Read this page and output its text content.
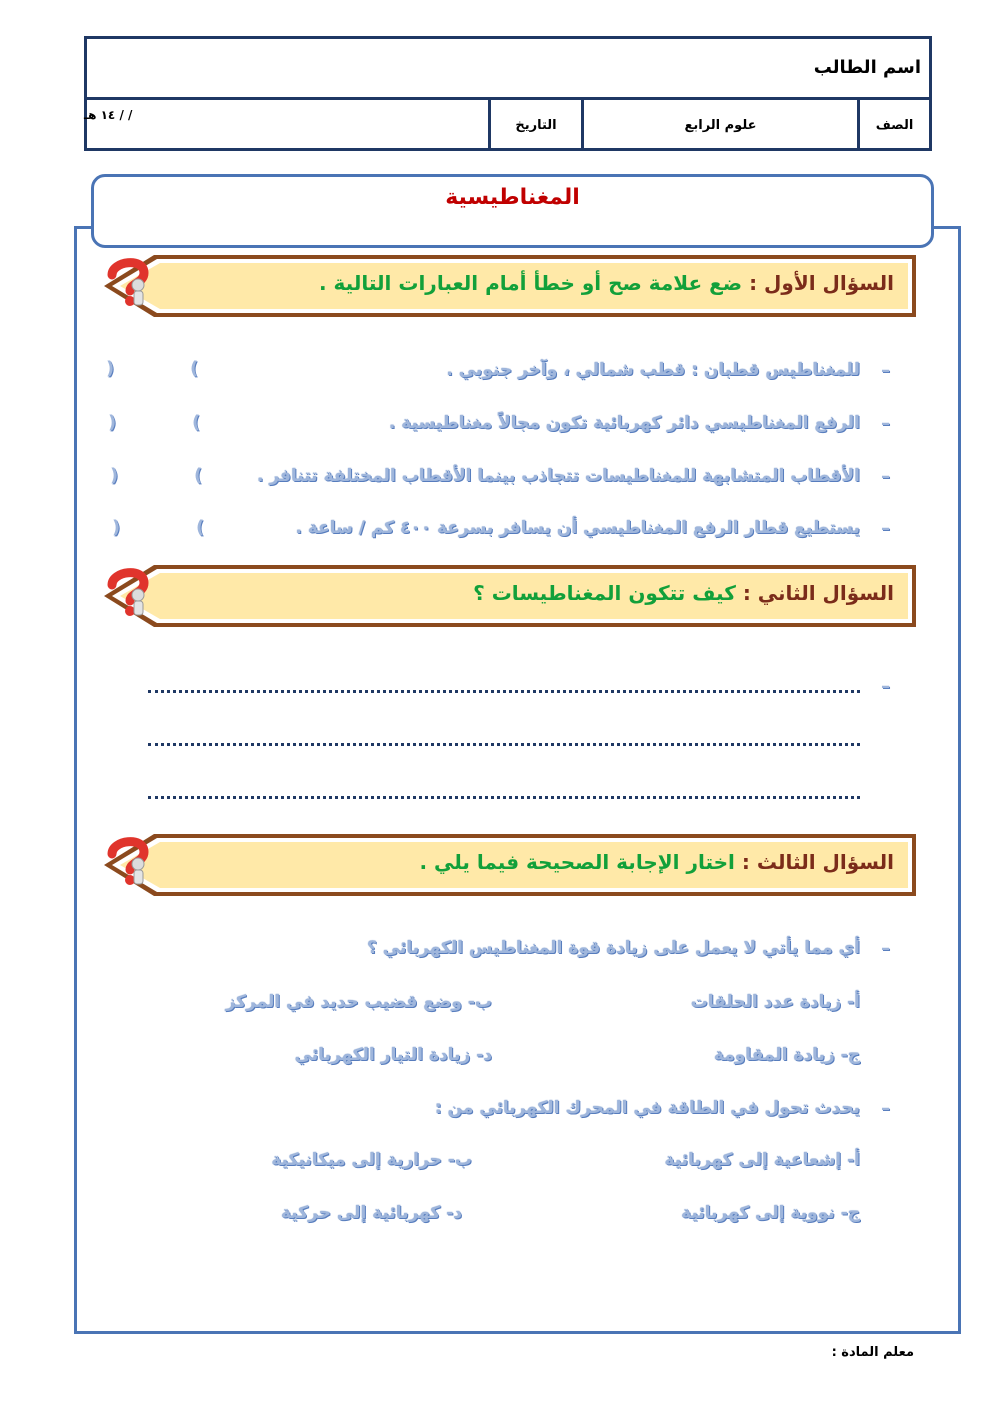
اسم الطالب
الصف
علوم الرابع
التاريخ
/ / ١٤ هـ
المغناطيسية
السؤال الأول : ضع علامة صح أو خطأ أمام العبارات التالية .
–
للمغناطيس قطبان : قطب شمالي ، وآخر جنوبي .
(
)
–
الرفع المغناطيسي دائر كهربائية تكون مجالاً مغناطيسية .
(
)
–
الأقطاب المتشابهة للمغناطيسات تتجاذب بينما الأقطاب المختلفة تتنافر .
(
)
–
يستطيع قطار الرفع المغناطيسي أن يسافر بسرعة ٤٠٠ كم / ساعة .
(
)
السؤال الثاني : كيف تتكون المغناطيسات ؟
–
السؤال الثالث : اختار الإجابة الصحيحة فيما يلي .
–
أي مما يأتي لا يعمل على زيادة قوة المغناطيس الكهربائي ؟
أ- زيادة عدد الحلقات
ب- وضع قضيب حديد في المركز
ج- زيادة المقاومة
د- زيادة التيار الكهربائي
–
يحدث تحول في الطاقة في المحرك الكهربائي من :
أ- إشعاعية إلى كهربائية
ب- حرارية إلى ميكانيكية
ج- نووية إلى كهربائية
د- كهربائية إلى حركية
معلم المادة :
